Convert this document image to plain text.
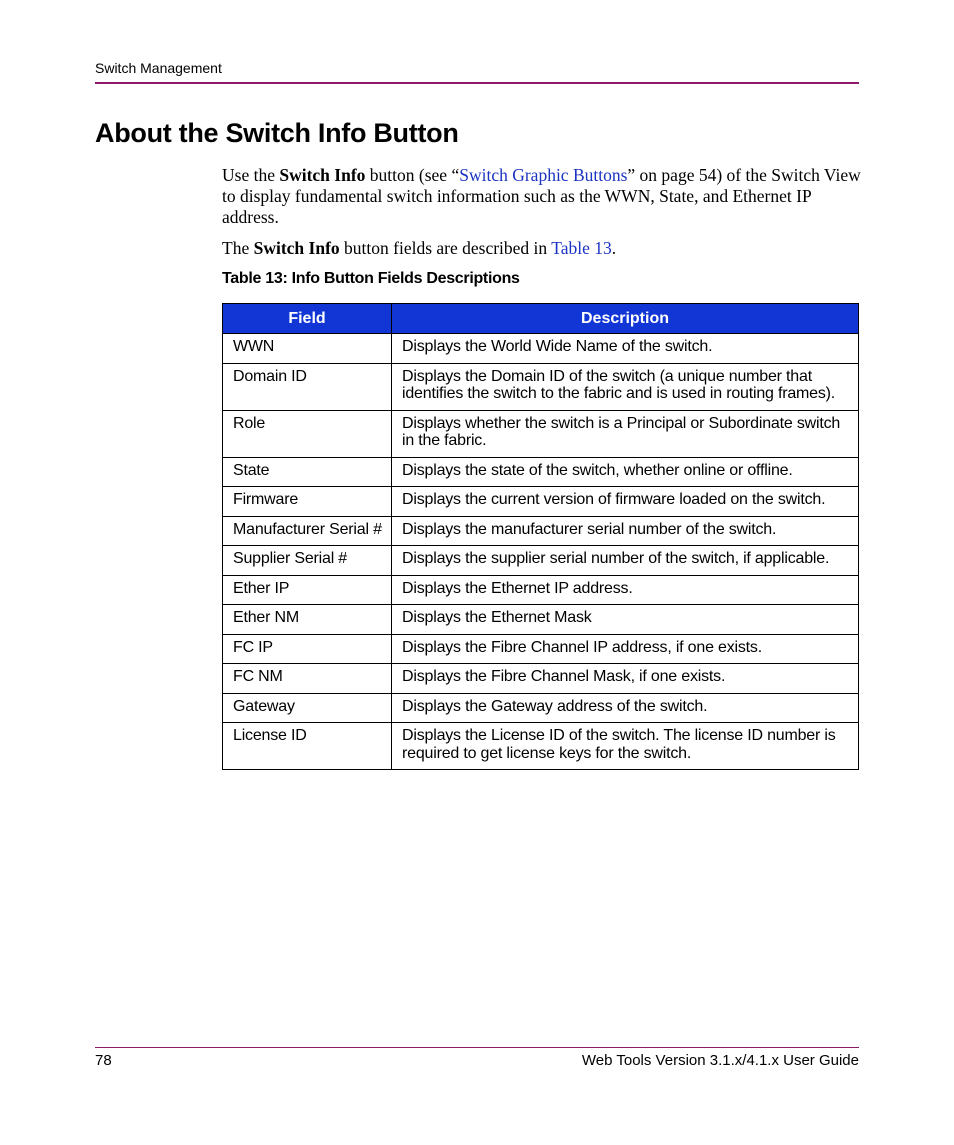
Switch Management
About the Switch Info Button

Use the Switch Info button (see “Switch Graphic Buttons” on page 54) of the Switch View to display fundamental switch information such as the WWN, State, and Ethernet IP address.

The Switch Info button fields are described in Table 13.

Table 13: Info Button Fields Descriptions
Field	Description
WWN	Displays the World Wide Name of the switch.
Domain ID	Displays the Domain ID of the switch (a unique number that identifies the switch to the fabric and is used in routing frames).
Role	Displays whether the switch is a Principal or Subordinate switch in the fabric.
State	Displays the state of the switch, whether online or offline.
Firmware	Displays the current version of firmware loaded on the switch.
Manufacturer Serial #	Displays the manufacturer serial number of the switch.
Supplier Serial #	Displays the supplier serial number of the switch, if applicable.
Ether IP	Displays the Ethernet IP address.
Ether NM	Displays the Ethernet Mask
FC IP	Displays the Fibre Channel IP address, if one exists.
FC NM	Displays the Fibre Channel Mask, if one exists.
Gateway	Displays the Gateway address of the switch.
License ID	Displays the License ID of the switch. The license ID number is required to get license keys for the switch.
78	Web Tools Version 3.1.x/4.1.x User Guide
